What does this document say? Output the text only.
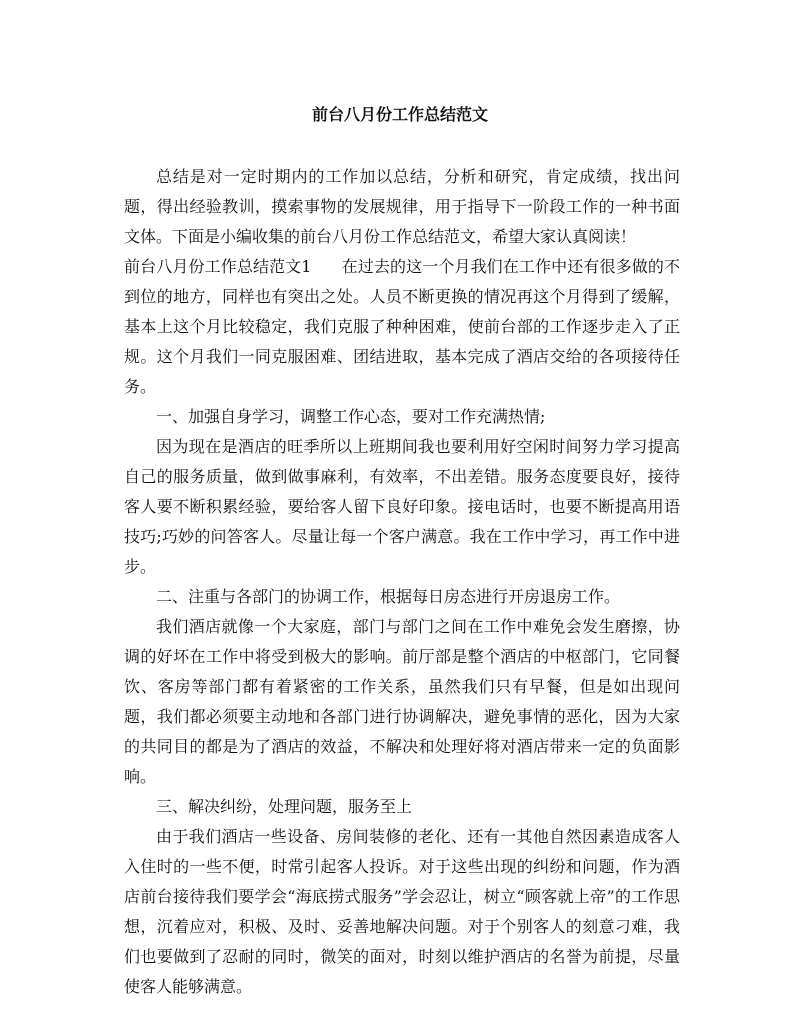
前台八月份工作总结范文

总结是对一定时期内的工作加以总结，分析和研究，肯定成绩，找出问题，得出经验教训，摸索事物的发展规律，用于指导下一阶段工作的一种书面文体。下面是小编收集的前台八月份工作总结范文，希望大家认真阅读！

前台八月份工作总结范文1 在过去的这一个月我们在工作中还有很多做的不到位的地方，同样也有突出之处。人员不断更换的情况再这个月得到了缓解，基本上这个月比较稳定，我们克服了种种困难，使前台部的工作逐步走入了正规。这个月我们一同克服困难、团结进取，基本完成了酒店交给的各项接待任务。

一、加强自身学习，调整工作心态，要对工作充满热情;

因为现在是酒店的旺季所以上班期间我也要利用好空闲时间努力学习提高自己的服务质量，做到做事麻利，有效率，不出差错。服务态度要良好，接待客人要不断积累经验，要给客人留下良好印象。接电话时，也要不断提高用语技巧;巧妙的问答客人。尽量让每一个客户满意。我在工作中学习，再工作中进步。

二、注重与各部门的协调工作，根据每日房态进行开房退房工作。

我们酒店就像一个大家庭，部门与部门之间在工作中难免会发生磨擦，协调的好坏在工作中将受到极大的影响。前厅部是整个酒店的中枢部门，它同餐饮、客房等部门都有着紧密的工作关系，虽然我们只有早餐，但是如出现问题，我们都必须要主动地和各部门进行协调解决，避免事情的恶化，因为大家的共同目的都是为了酒店的效益，不解决和处理好将对酒店带来一定的负面影响。

三、解决纠纷，处理问题，服务至上

由于我们酒店一些设备、房间装修的老化、还有一其他自然因素造成客人入住时的一些不便，时常引起客人投诉。对于这些出现的纠纷和问题，作为酒店前台接待我们要学会“海底捞式服务”学会忍让，树立“顾客就上帝”的工作思想，沉着应对，积极、及时、妥善地解决问题。对于个别客人的刻意刁难，我们也要做到了忍耐的同时，微笑的面对，时刻以维护酒店的名誉为前提，尽量使客人能够满意。
